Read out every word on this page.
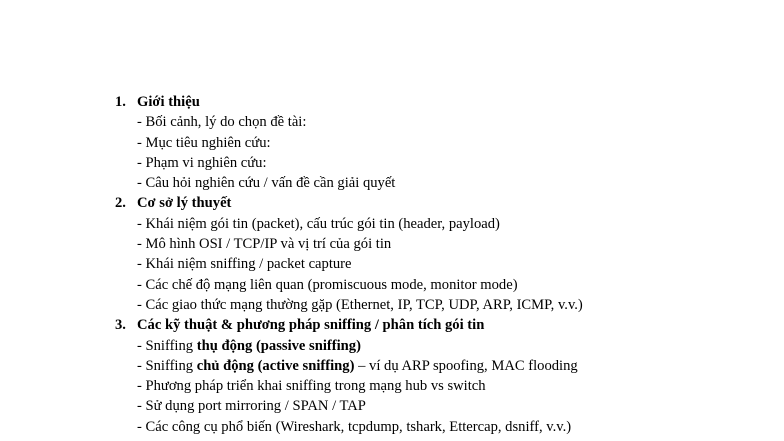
1. Giới thiệu
- Bối cảnh, lý do chọn đề tài:
- Mục tiêu nghiên cứu:
- Phạm vi nghiên cứu:
- Câu hỏi nghiên cứu / vấn đề cần giải quyết
2. Cơ sở lý thuyết
- Khái niệm gói tin (packet), cấu trúc gói tin (header, payload)
- Mô hình OSI / TCP/IP và vị trí của gói tin
- Khái niệm sniffing / packet capture
- Các chế độ mạng liên quan (promiscuous mode, monitor mode)
- Các giao thức mạng thường gặp (Ethernet, IP, TCP, UDP, ARP, ICMP, v.v.)
3. Các kỹ thuật & phương pháp sniffing / phân tích gói tin
- Sniffing thụ động (passive sniffing)
- Sniffing chủ động (active sniffing) – ví dụ ARP spoofing, MAC flooding
- Phương pháp triển khai sniffing trong mạng hub vs switch
- Sử dụng port mirroring / SPAN / TAP
- Các công cụ phổ biến (Wireshark, tcpdump, tshark, Ettercap, dsniff, v.v.)
